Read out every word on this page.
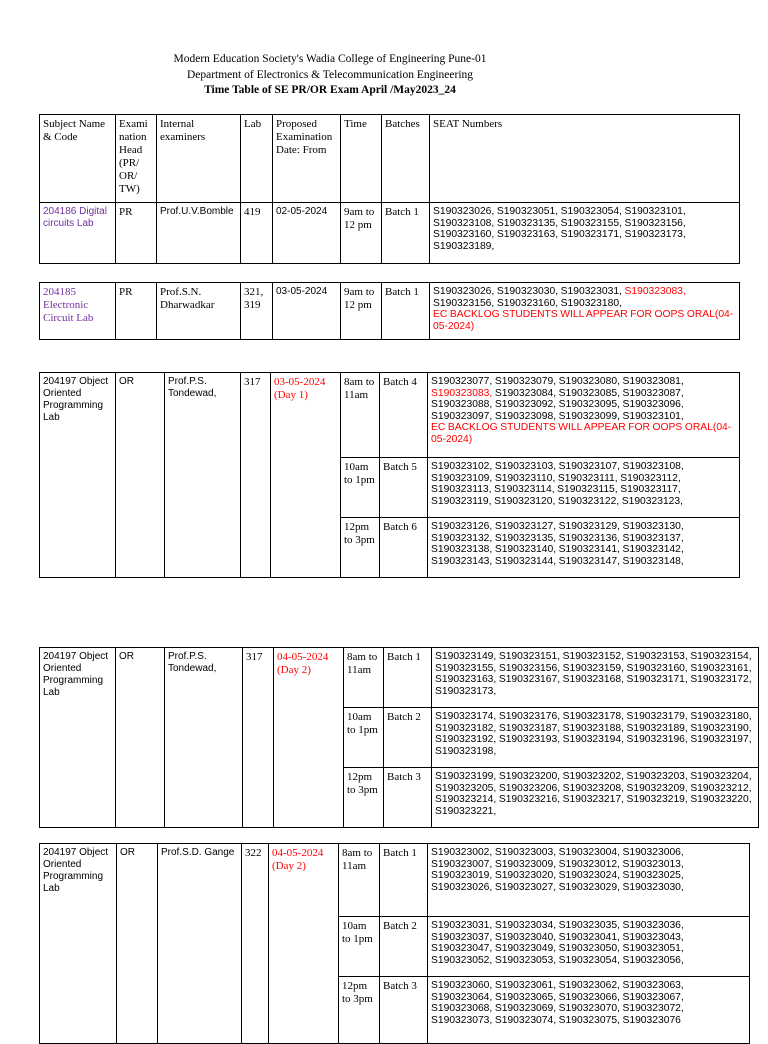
Modern Education Society's Wadia College of Engineering Pune-01
Department of Electronics & Telecommunication Engineering
Time Table of SE PR/OR Exam April /May2023_24
Subject Name & Code	Exami nation Head (PR/ OR/ TW)	Internal examiners	Lab	Proposed Examination Date: From	Time	Batches	SEAT Numbers
204186 Digital circuits Lab	PR	Prof.U.V.Bomble	419	02-05-2024	9am to 12 pm	Batch 1	S190323026, S190323051, S190323054, S190323101, S190323108, S190323135, S190323155, S190323156, S190323160, S190323163, S190323171, S190323173, S190323189,
204185 Electronic Circuit Lab	PR	Prof.S.N. Dharwadkar	321, 319	03-05-2024	9am to 12 pm	Batch 1	S190323026, S190323030, S190323031, S190323083, S190323156, S190323160, S190323180,
EC BACKLOG STUDENTS WILL APPEAR FOR OOPS ORAL(04-05-2024)
204197 Object Oriented Programming Lab	OR	Prof.P.S. Tondewad,	317	03-05-2024
(Day 1)	8am to 11am	Batch 4	S190323077, S190323079, S190323080, S190323081, S190323083, S190323084, S190323085, S190323087, S190323088, S190323092, S190323095, S190323096, S190323097, S190323098, S190323099, S190323101,
EC BACKLOG STUDENTS WILL APPEAR FOR OOPS ORAL(04-05-2024)
					10am to 1pm	Batch 5	S190323102, S190323103, S190323107, S190323108, S190323109, S190323110, S190323111, S190323112, S190323113, S190323114, S190323115, S190323117, S190323119, S190323120, S190323122, S190323123,
					12pm to 3pm	Batch 6	S190323126, S190323127, S190323129, S190323130, S190323132, S190323135, S190323136, S190323137, S190323138, S190323140, S190323141, S190323142, S190323143, S190323144, S190323147, S190323148,
204197 Object Oriented Programming Lab	OR	Prof.P.S. Tondewad,	317	04-05-2024
(Day 2)	8am to 11am	Batch 1	S190323149, S190323151, S190323152, S190323153, S190323154, S190323155, S190323156, S190323159, S190323160, S190323161, S190323163, S190323167, S190323168, S190323171, S190323172, S190323173,
					10am to 1pm	Batch 2	S190323174, S190323176, S190323178, S190323179, S190323180, S190323182, S190323187, S190323188, S190323189, S190323190, S190323192, S190323193, S190323194, S190323196, S190323197, S190323198,
					12pm to 3pm	Batch 3	S190323199, S190323200, S190323202, S190323203, S190323204, S190323205, S190323206, S190323208, S190323209, S190323212, S190323214, S190323216, S190323217, S190323219, S190323220, S190323221,
204197 Object Oriented Programming Lab	OR	Prof.S.D. Gange	322	04-05-2024
(Day 2)	8am to 11am	Batch 1	S190323002, S190323003, S190323004, S190323006, S190323007, S190323009, S190323012, S190323013, S190323019, S190323020, S190323024, S190323025, S190323026, S190323027, S190323029, S190323030,
					10am to 1pm	Batch 2	S190323031, S190323034, S190323035, S190323036, S190323037, S190323040, S190323041, S190323043, S190323047, S190323049, S190323050, S190323051, S190323052, S190323053, S190323054, S190323056,
					12pm to 3pm	Batch 3	S190323060, S190323061, S190323062, S190323063, S190323064, S190323065, S190323066, S190323067, S190323068, S190323069, S190323070, S190323072, S190323073, S190323074, S190323075, S190323076
